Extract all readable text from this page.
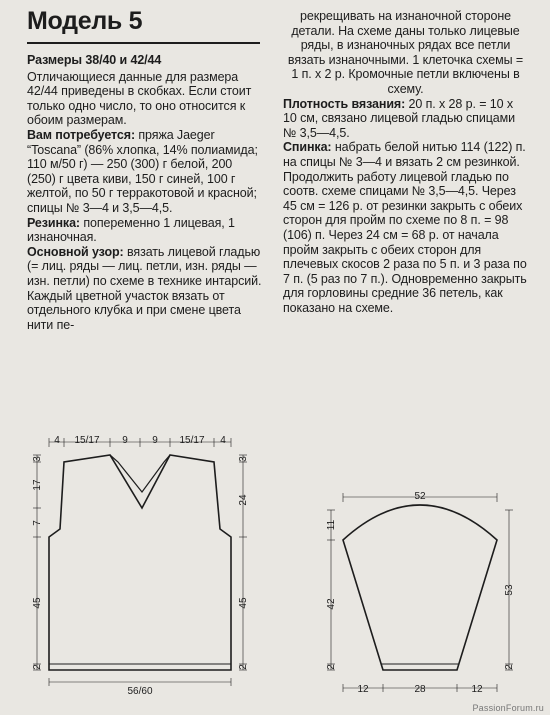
Модель 5

Размеры 38/40 и 42/44

Отличающиеся данные для размера 42/44 приведены в скобках. Если стоит только одно число, то оно относится к обоим размерам.

Вам потребуется: пряжа Jaeger “Toscana” (86% хлопка, 14% полиамида; 110 м/50 г) — 250 (300) г белой, 200 (250) г цвета киви, 150 г синей, 100 г желтой, по 50 г терракотовой и красной; спицы № 3—4 и 3,5—4,5.

Резинка: попеременно 1 лицевая, 1 изнаночная.

Основной узор: вязать лицевой гладью (= лиц. ряды — лиц. петли, изн. ряды — изн. петли) по схеме в технике интарсий. Каждый цветной участок вязать от отдельного клубка и при смене цвета нити пе-

рекрещивать на изнаночной стороне детали. На схеме даны только лицевые ряды, в изнаночных рядах все петли вязать изнаночными. 1 клеточка схемы = 1 п. х 2 р. Кромочные петли включены в схему.

Плотность вязания: 20 п. х 28 р. = 10 х 10 см, связано лицевой гладью спицами № 3,5—4,5.

Спинка: набрать белой нитью 114 (122) п. на спицы № 3—4 и вязать 2 см резинкой. Продолжить работу лицевой гладью по соотв. схеме спицами № 3,5—4,5. Через 45 см = 126 р. от резинки закрыть с обеих сторон для пройм по схеме по 8 п. = 98 (106) п. Через 24 см = 68 р. от начала пройм закрыть с обеих сторон для плечевых скосов 2 раза по 5 п. и 3 раза по 7 п. (5 раз по 7 п.). Одновременно закрыть для горловины средние 36 петель, как показано на схеме.

4 15/17 9 9 15/17 4
3
17
7
45
2
3
24
45
2
56/60
52
11
42
2
53
2
12	28	12
PassionForum.ru
